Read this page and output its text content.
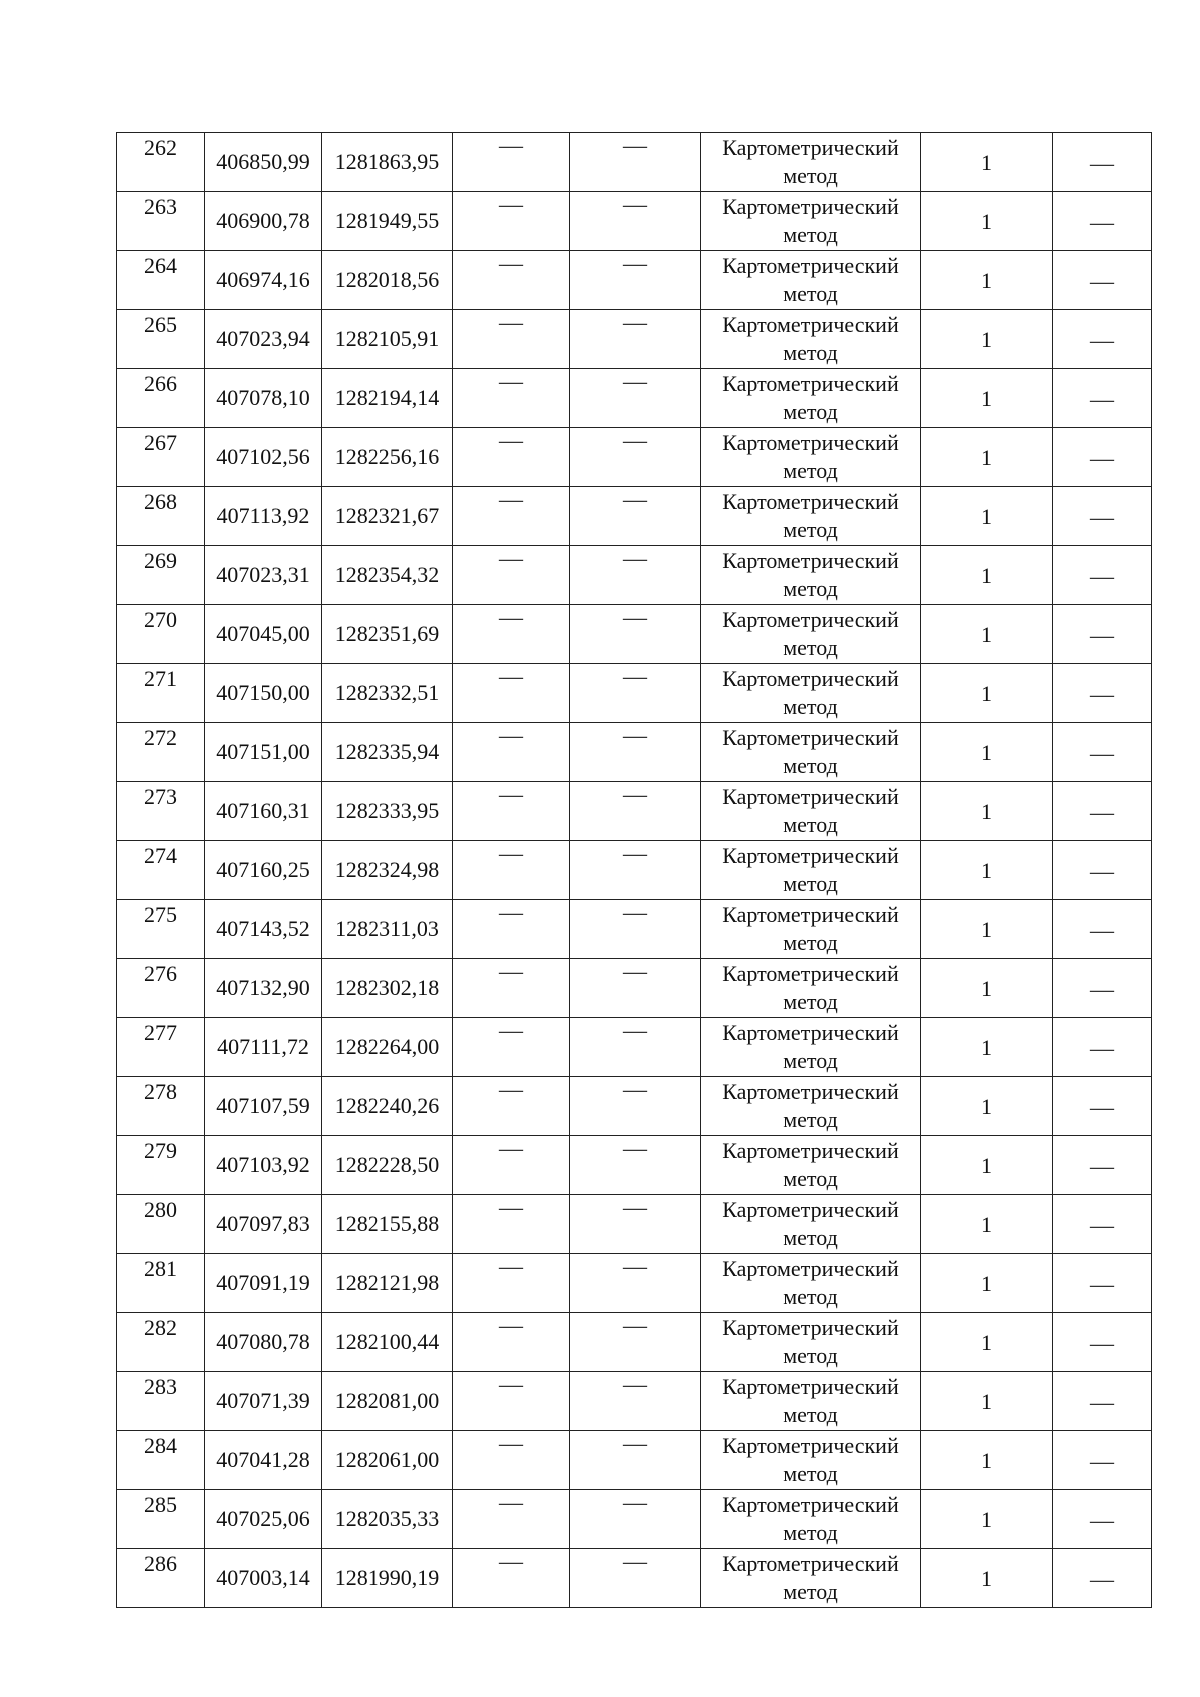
262	406850,99	1281863,95	—	—	Картометрический
метод	1	—
263	406900,78	1281949,55	—	—	Картометрический
метод	1	—
264	406974,16	1282018,56	—	—	Картометрический
метод	1	—
265	407023,94	1282105,91	—	—	Картометрический
метод	1	—
266	407078,10	1282194,14	—	—	Картометрический
метод	1	—
267	407102,56	1282256,16	—	—	Картометрический
метод	1	—
268	407113,92	1282321,67	—	—	Картометрический
метод	1	—
269	407023,31	1282354,32	—	—	Картометрический
метод	1	—
270	407045,00	1282351,69	—	—	Картометрический
метод	1	—
271	407150,00	1282332,51	—	—	Картометрический
метод	1	—
272	407151,00	1282335,94	—	—	Картометрический
метод	1	—
273	407160,31	1282333,95	—	—	Картометрический
метод	1	—
274	407160,25	1282324,98	—	—	Картометрический
метод	1	—
275	407143,52	1282311,03	—	—	Картометрический
метод	1	—
276	407132,90	1282302,18	—	—	Картометрический
метод	1	—
277	407111,72	1282264,00	—	—	Картометрический
метод	1	—
278	407107,59	1282240,26	—	—	Картометрический
метод	1	—
279	407103,92	1282228,50	—	—	Картометрический
метод	1	—
280	407097,83	1282155,88	—	—	Картометрический
метод	1	—
281	407091,19	1282121,98	—	—	Картометрический
метод	1	—
282	407080,78	1282100,44	—	—	Картометрический
метод	1	—
283	407071,39	1282081,00	—	—	Картометрический
метод	1	—
284	407041,28	1282061,00	—	—	Картометрический
метод	1	—
285	407025,06	1282035,33	—	—	Картометрический
метод	1	—
286	407003,14	1281990,19	—	—	Картометрический
метод	1	—
